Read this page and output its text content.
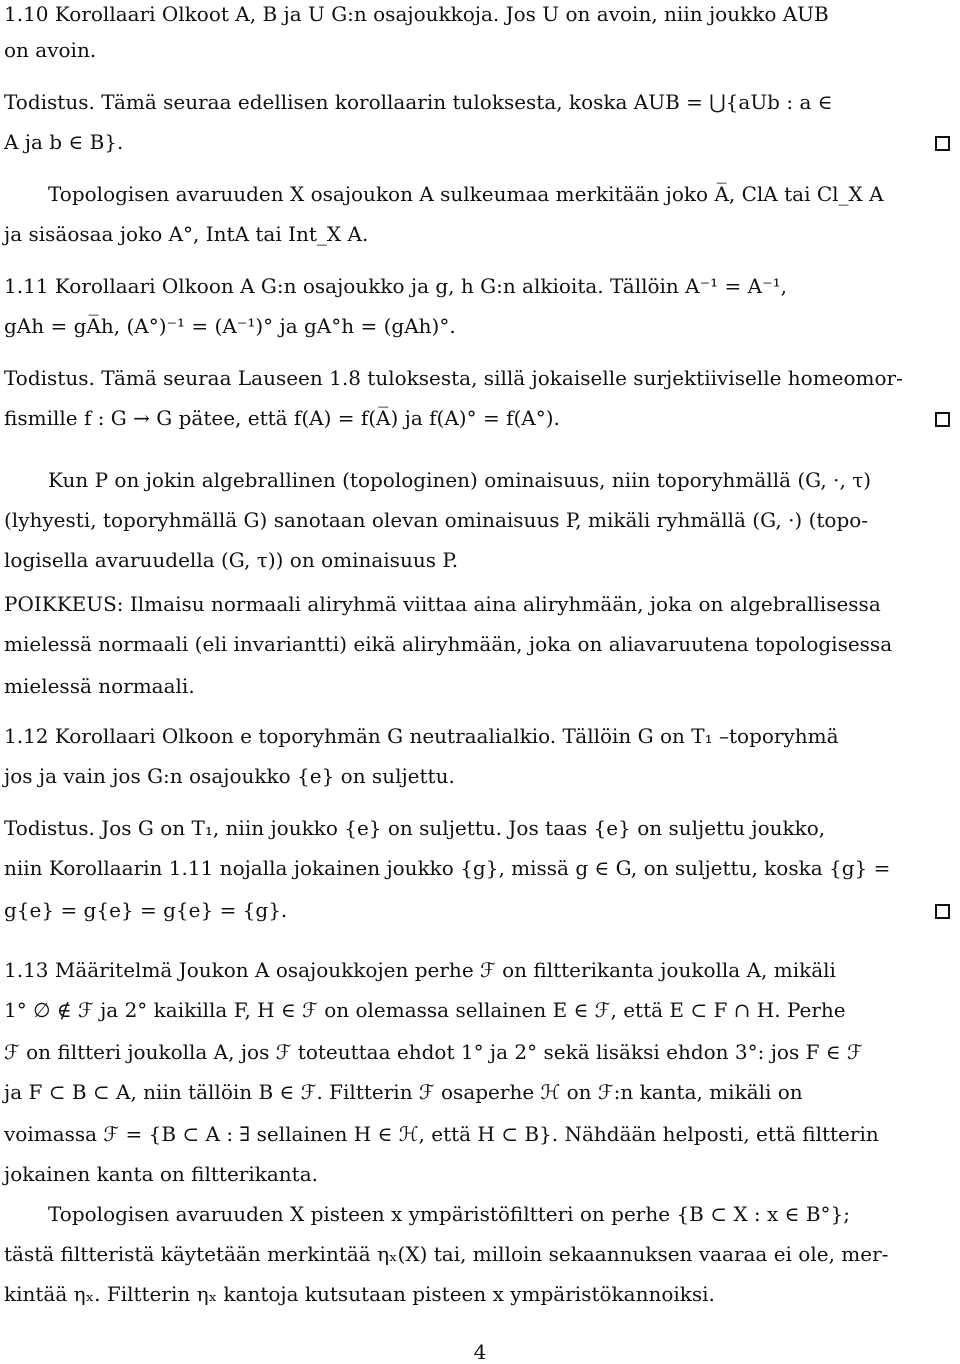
1.10 Korollaari Olkoot A, B ja U G:n osajoukkoja. Jos U on avoin, niin joukko AUB
on avoin.
Todistus. Tämä seuraa edellisen korollaarin tuloksesta, koska AUB = ⋃{aUb : a ∈
A ja b ∈ B}.
Topologisen avaruuden X osajoukon A sulkeumaa merkitään joko A̅, ClA tai Cl_X A
ja sisäosaa joko A°, IntA tai Int_X A.
1.11 Korollaari Olkoon A G:n osajoukko ja g, h G:n alkioita. Tällöin A⁻¹ = A⁻¹,
gAh = gA̅h, (A°)⁻¹ = (A⁻¹)° ja gA°h = (gAh)°.
Todistus. Tämä seuraa Lauseen 1.8 tuloksesta, sillä jokaiselle surjektiiviselle homeomor-
fismille f : G → G pätee, että f(A) = f(A̅) ja f(A)° = f(A°).
Kun P on jokin algebrallinen (topologinen) ominaisuus, niin toporyhmällä (G, ·, τ)
(lyhyesti, toporyhmällä G) sanotaan olevan ominaisuus P, mikäli ryhmällä (G, ·) (topo-
logisella avaruudella (G, τ)) on ominaisuus P.
POIKKEUS: Ilmaisu normaali aliryhmä viittaa aina aliryhmään, joka on algebrallisessa
mielessä normaali (eli invariantti) eikä aliryhmään, joka on aliavaruutena topologisessa
mielessä normaali.
1.12 Korollaari Olkoon e toporyhmän G neutraalialkio. Tällöin G on T₁ –toporyhmä
jos ja vain jos G:n osajoukko {e} on suljettu.
Todistus. Jos G on T₁, niin joukko {e} on suljettu. Jos taas {e} on suljettu joukko,
niin Korollaarin 1.11 nojalla jokainen joukko {g}, missä g ∈ G, on suljettu, koska {g} =
g{e} = g{e} = g{e} = {g}.
1.13 Määritelmä Joukon A osajoukkojen perhe ℱ on filtterikanta joukolla A, mikäli
1° ∅ ∉ ℱ ja 2° kaikilla F, H ∈ ℱ on olemassa sellainen E ∈ ℱ, että E ⊂ F ∩ H. Perhe
ℱ on filtteri joukolla A, jos ℱ toteuttaa ehdot 1° ja 2° sekä lisäksi ehdon 3°: jos F ∈ ℱ
ja F ⊂ B ⊂ A, niin tällöin B ∈ ℱ. Filtterin ℱ osaperhe ℋ on ℱ:n kanta, mikäli on
voimassa ℱ = {B ⊂ A : ∃ sellainen H ∈ ℋ, että H ⊂ B}. Nähdään helposti, että filtterin
jokainen kanta on filtterikanta.
Topologisen avaruuden X pisteen x ympäristöfiltteri on perhe {B ⊂ X : x ∈ B°};
tästä filtteristä käytetään merkintää ηₓ(X) tai, milloin sekaannuksen vaaraa ei ole, mer-
kintää ηₓ. Filtterin ηₓ kantoja kutsutaan pisteen x ympäristökannoiksi.
4
